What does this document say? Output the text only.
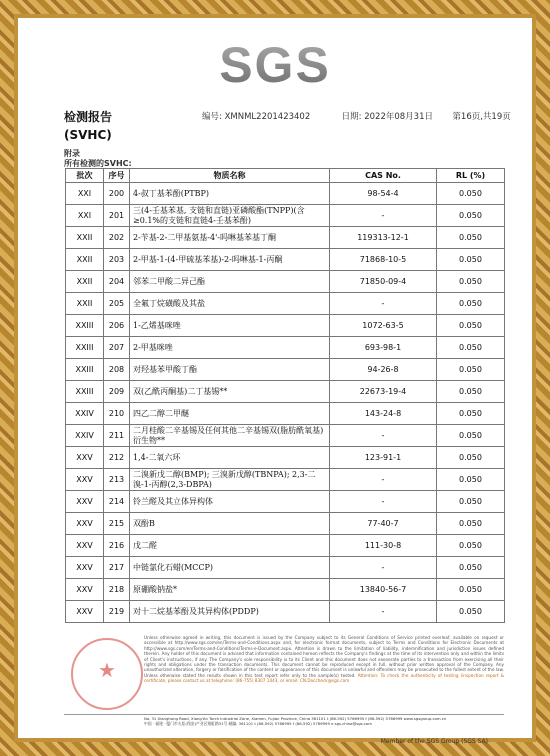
SGS
检测报告
(SVHC)
编号: XMNML2201423402	日期: 2022年08月31日 第16页,共19页
附录
所有检测的SVHC:
批次	序号	物质名称	CAS No.	RL (%)
XXI	200	4-叔丁基苯酚(PTBP)	98-54-4	0.050
XXI	201	三(4-壬基苯基, 支链和直链)亚磷酸酯(TNPP)(含≥0.1%的支链和直链4-壬基苯酚)	-	0.050
XXII	202	2-苄基-2-二甲基氨基-4'-吗啉基苯基丁酮	119313-12-1	0.050
XXII	203	2-甲基-1-(4-甲硫基苯基)-2-吗啉基-1-丙酮	71868-10-5	0.050
XXII	204	邻苯二甲酸二异己酯	71850-09-4	0.050
XXII	205	全氟丁烷磺酸及其盐	-	0.050
XXIII	206	1-乙烯基咪唑	1072-63-5	0.050
XXIII	207	2-甲基咪唑	693-98-1	0.050
XXIII	208	对羟基苯甲酸丁酯	94-26-8	0.050
XXIII	209	双(乙酰丙酮基)二丁基锡**	22673-19-4	0.050
XXIV	210	四乙二醇二甲醚	143-24-8	0.050
XXIV	211	二月桂酸二辛基锡及任何其他二辛基锡双(脂肪酰氧基)衍生物**	-	0.050
XXV	212	1,4-二氧六环	123-91-1	0.050
XXV	213	二溴新戊二醇(BMP); 三溴新戊醇(TBNPA); 2,3-二溴-1-丙醇(2,3-DBPA)	-	0.050
XXV	214	铃兰醛及其立体异构体	-	0.050
XXV	215	双酚B	77-40-7	0.050
XXV	216	戊二醛	111-30-8	0.050
XXV	217	中链氯化石蜡(MCCP)	-	0.050
XXV	218	原硼酸钠盐*	13840-56-7	0.050
XXV	219	对十二烷基苯酚及其异构体(PDDP)	-	0.050
Unless otherwise agreed in writing, this document is issued by the Company subject to its General Conditions of Service printed overleaf, available on request or accessible at http://www.sgs.com/en/Terms-and-Conditions.aspx and, for electronic format documents, subject to Terms and Conditions for Electronic Documents at http://www.sgs.com/en/Terms-and-Conditions/Terms-e-Document.aspx. Attention is drawn to the limitation of liability, indemnification and jurisdiction issues defined therein. Any holder of this document is advised that information contained hereon reflects the Company's findings at the time of its intervention only and within the limits of Client's instructions, if any. The Company's sole responsibility is to its Client and this document does not exonerate parties to a transaction from exercising all their rights and obligations under the transaction documents. This document cannot be reproduced except in full, without prior written approval of the Company. Any unauthorized alteration, forgery or falsification of the content or appearance of this document is unlawful and offenders may be prosecuted to the fullest extent of the law. Unless otherwise stated the results shown in this test report refer only to the sample(s) tested. Attention: To check the authenticity of testing /inspection report & certificate, please contact us at telephone: (86-755) 8307 1443, or email: CN.Doccheck@sgs.com
★
No. 31 Xianghong Road, Xiang'An Torch Industrial Zone, Xiamen, Fujian Province, China 361101 t (86-592) 5766995 f (86-592) 5766999 www.sgsgroup.com.cn
中国 · 福建 · 厦门市火炬(翔安)产业区翔虹路31号 邮编: 361101 t (86-592) 5766995 f (86-592) 5766999 e sgs.china@sgs.com
Member of the SGS Group (SGS SA)
